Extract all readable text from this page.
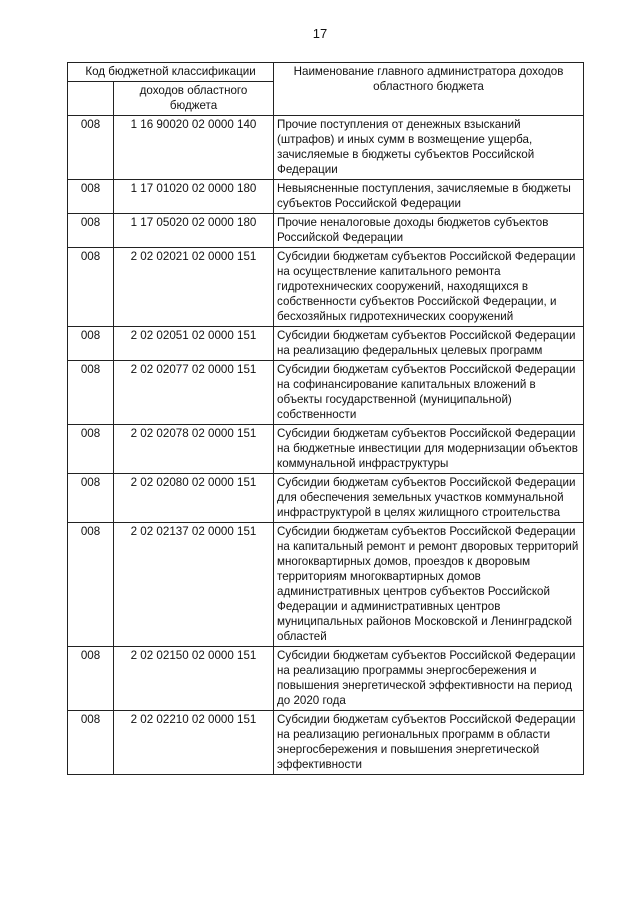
17
Код бюджетной классификации		Наименование главного администратора доходов областного бюджета
	доходов областного бюджета	
008	1 16 90020 02 0000 140	Прочие поступления от денежных взысканий (штрафов) и иных сумм в возмещение ущерба, зачисляемые в бюджеты субъектов Российской Федерации
008	1 17 01020 02 0000 180	Невыясненные поступления, зачисляемые в бюджеты субъектов Российской Федерации
008	1 17 05020 02 0000 180	Прочие неналоговые доходы бюджетов субъектов Российской Федерации
008	2 02 02021 02 0000 151	Субсидии бюджетам субъектов Российской Федерации на осуществление капитального ремонта гидротехнических сооружений, находящихся в собственности субъектов Российской Федерации, и бесхозяйных гидротехнических сооружений
008	2 02 02051 02 0000 151	Субсидии бюджетам субъектов Российской Федерации на реализацию федеральных целевых программ
008	2 02 02077 02 0000 151	Субсидии бюджетам субъектов Российской Федерации на софинансирование капитальных вложений в объекты государственной (муниципальной) собственности
008	2 02 02078 02 0000 151	Субсидии бюджетам субъектов Российской Федерации на бюджетные инвестиции для модернизации объектов коммунальной инфраструктуры
008	2 02 02080 02 0000 151	Субсидии бюджетам субъектов Российской Федерации для обеспечения земельных участков коммунальной инфраструктурой в целях жилищного строительства
008	2 02 02137 02 0000 151	Субсидии бюджетам субъектов Российской Федерации на капитальный ремонт и ремонт дворовых территорий многоквартирных домов, проездов к дворовым территориям многоквартирных домов административных центров субъектов Российской Федерации и административных центров муниципальных районов Московской и Ленинградской областей
008	2 02 02150 02 0000 151	Субсидии бюджетам субъектов Российской Федерации на реализацию программы энергосбережения и повышения энергетической эффективности на период до 2020 года
008	2 02 02210 02 0000 151	Субсидии бюджетам субъектов Российской Федерации на реализацию региональных программ в области энергосбережения и повышения энергетической эффективности
